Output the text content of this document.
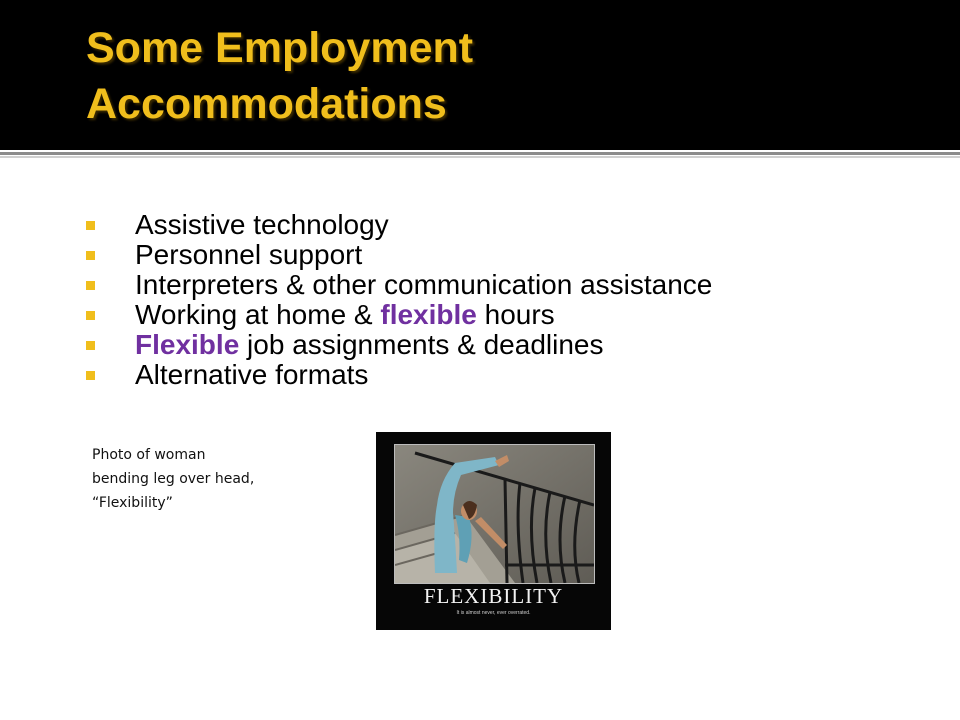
Some Employment
Accommodations
Assistive technology
Personnel support
Interpreters & other communication assistance
Working at home & flexible hours
Flexible job assignments & deadlines
Alternative formats
Photo of woman
bending leg over head,
“Flexibility”
FLEXIBILITY
It is almost never, ever overrated.
